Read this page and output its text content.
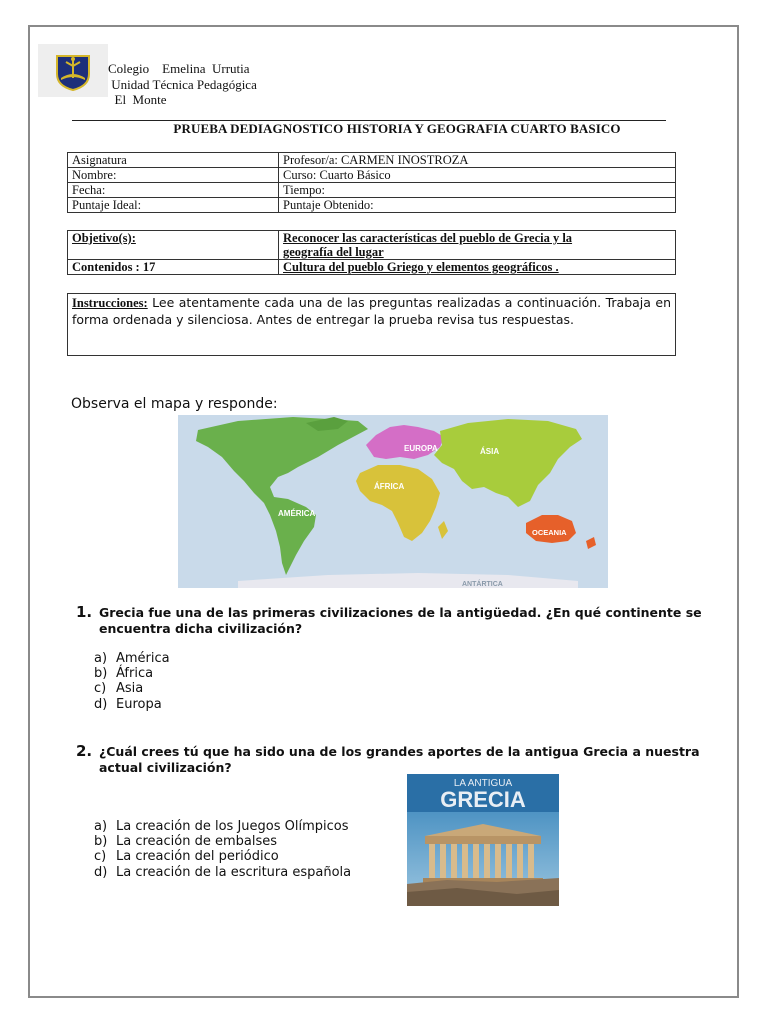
Colegio    Emelina  Urrutia
Unidad Técnica Pedagógica
El  Monte
PRUEBA DEDIAGNOSTICO HISTORIA Y GEOGRAFIA CUARTO BASICO
Asignatura	Profesor/a: CARMEN INOSTROZA
Nombre:	Curso: Cuarto Básico
Fecha:	Tiempo:
Puntaje Ideal:	Puntaje Obtenido:
Objetivo(s):	Reconocer las características del pueblo de Grecia y la
geografía del lugar

Contenidos : 17	Cultura del pueblo Griego y elementos geográficos .
Instrucciones: Lee atentamente cada una de las preguntas realizadas a continuación. Trabaja en forma ordenada y silenciosa. Antes de entregar la prueba revisa tus respuestas.
Observa el mapa y responde:
EUROPA	ÁSIA
ÁFRICA
AMÉRICA
OCEANIA
ANTÁRTICA
1. Grecia fue una de las primeras civilizaciones de la antigüedad. ¿En qué continente se encuentra dicha civilización?
a) América
b) África
c) Asia
d) Europa
2. ¿Cuál crees tú que ha sido una de los grandes aportes de la antigua Grecia a nuestra actual civilización?
a) La creación de los Juegos Olímpicos
b) La creación de embalses
c) La creación del periódico
d) La creación de la escritura española
LA ANTIGUA
GRECIA
